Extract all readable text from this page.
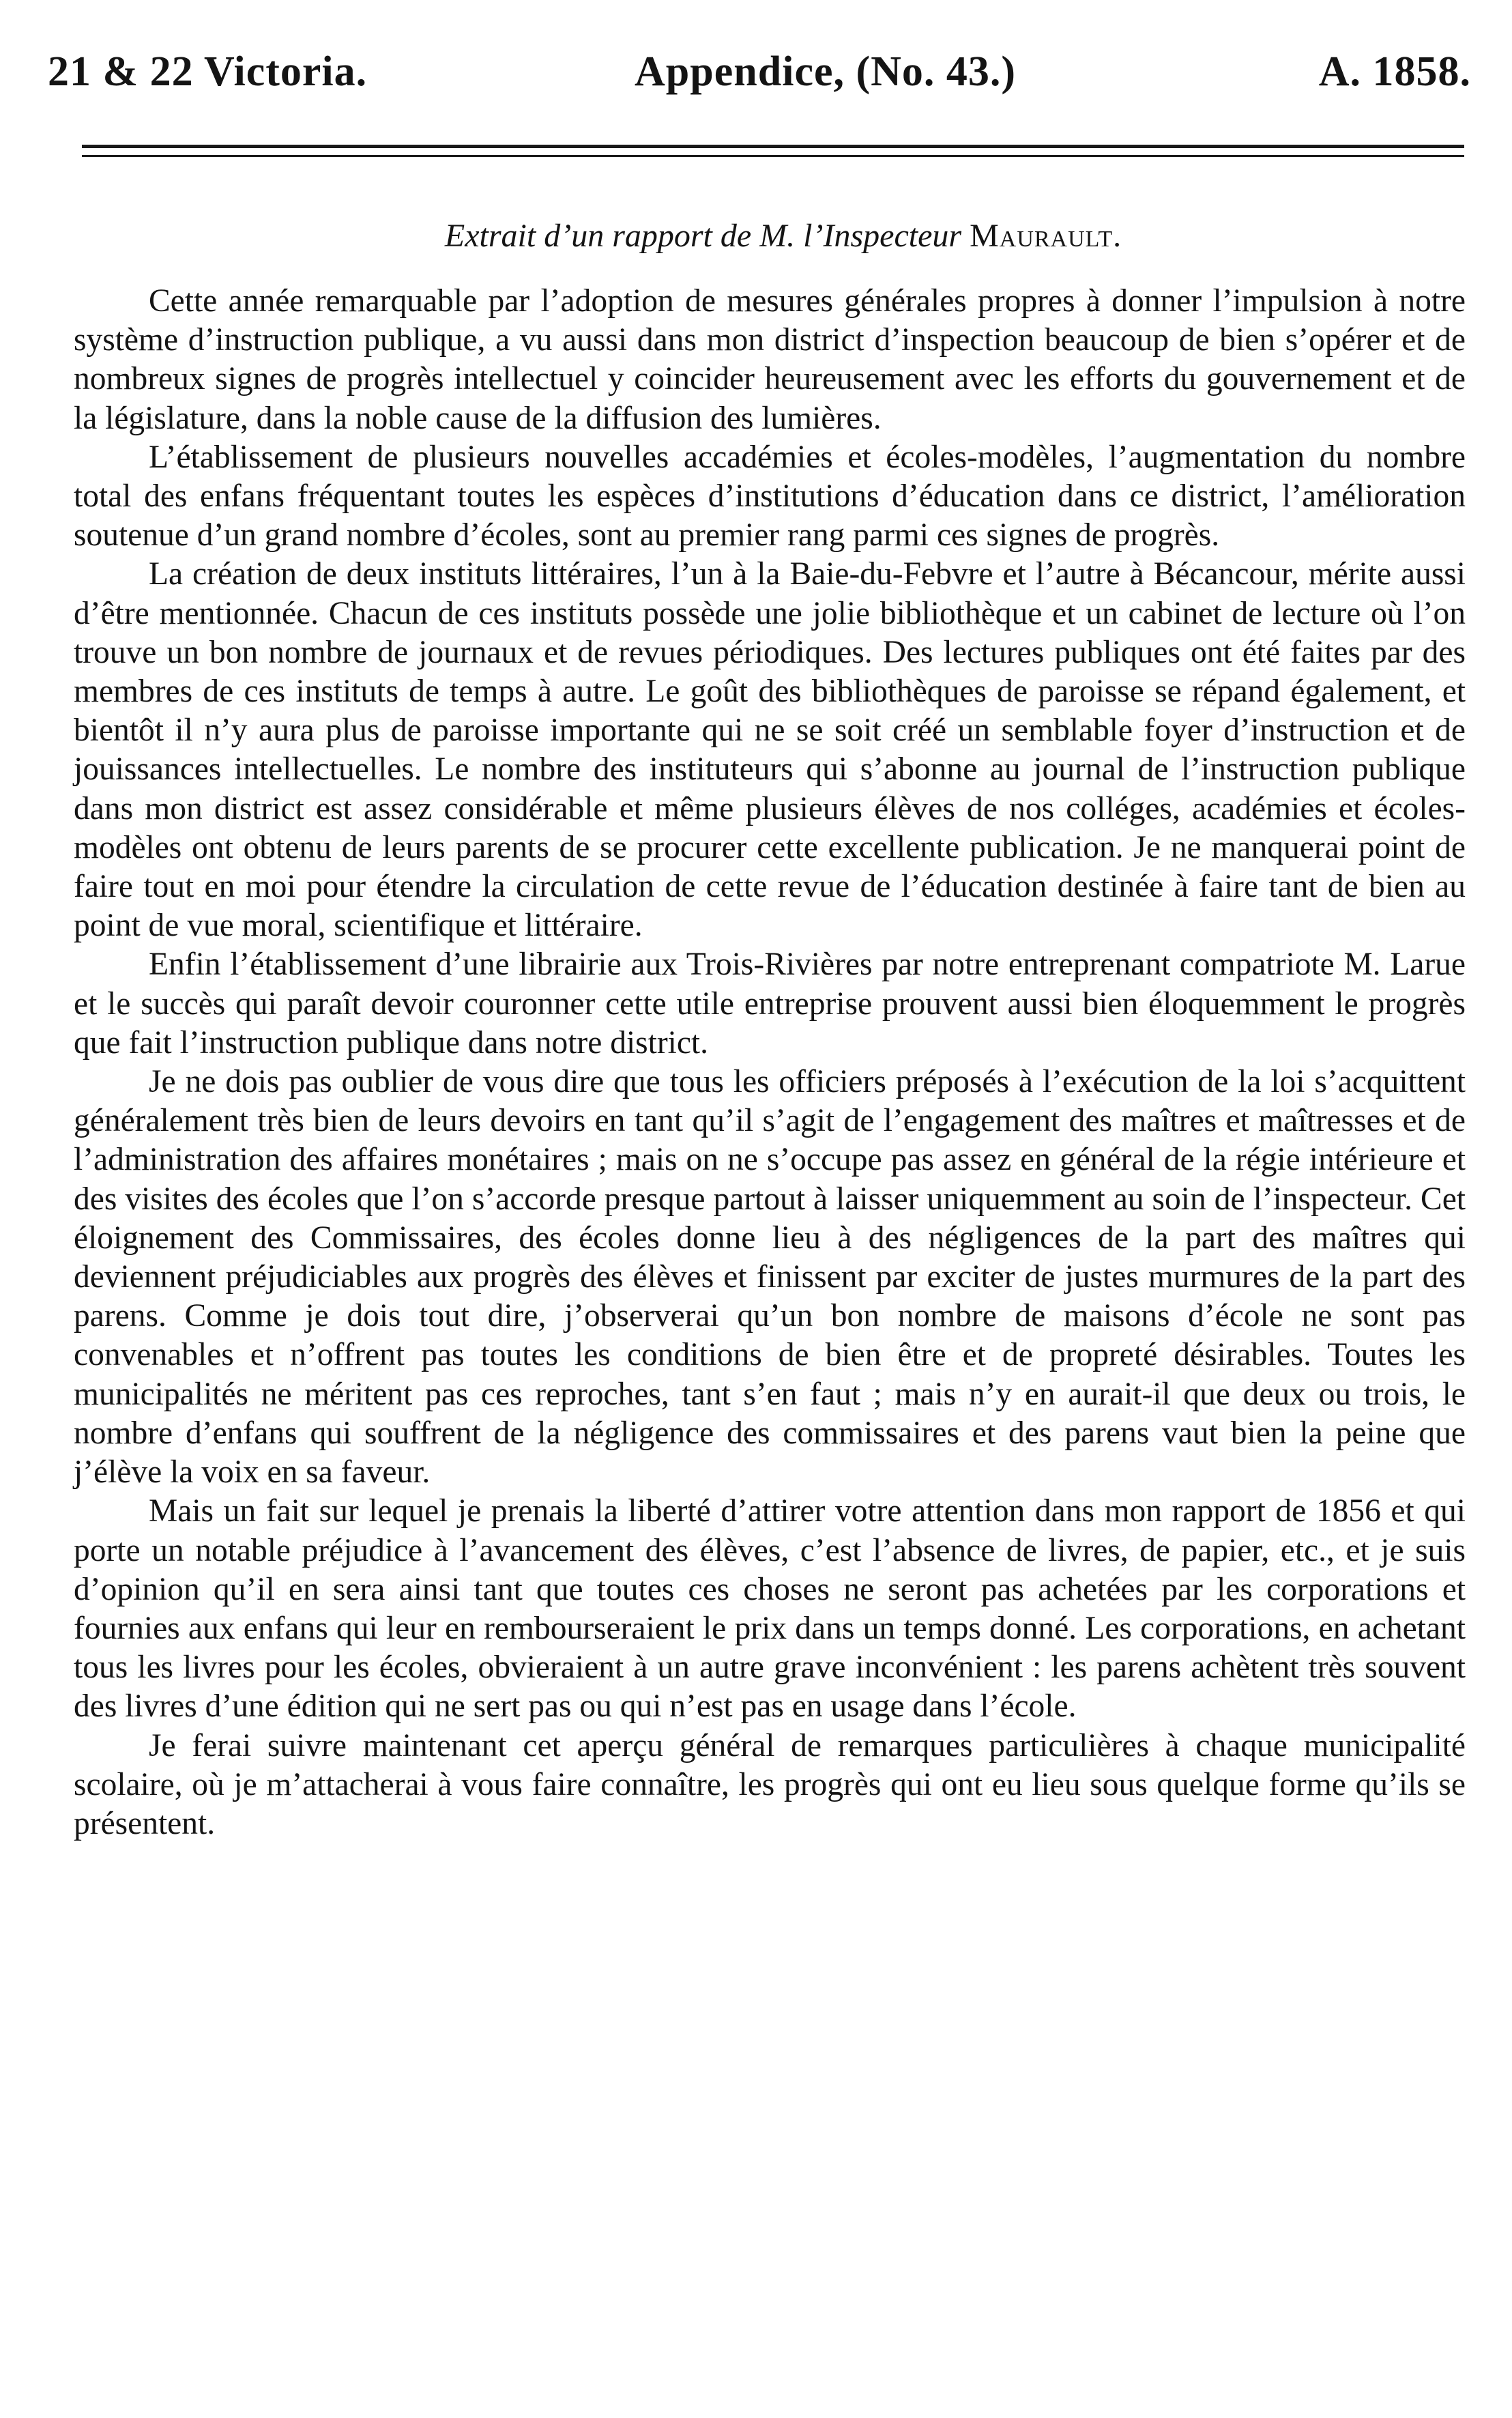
21 & 22 Victoria.	Appendice, (No. 43.)	A. 1858.

Extrait d’un rapport de M. l’Inspecteur Maurault.

Cette année remarquable par l’adoption de mesures générales propres à donner l’impulsion à notre système d’instruction publique, a vu aussi dans mon district d’inspection beaucoup de bien s’opérer et de nombreux signes de progrès intellectuel y coincider heureusement avec les efforts du gouvernement et de la législature, dans la noble cause de la diffusion des lumières.

L’établissement de plusieurs nouvelles accadémies et écoles-modèles, l’augmentation du nombre total des enfans fréquentant toutes les espèces d’institutions d’éducation dans ce district, l’amélioration soutenue d’un grand nombre d’écoles, sont au premier rang parmi ces signes de progrès.

La création de deux instituts littéraires, l’un à la Baie-du-Febvre et l’autre à Bécancour, mérite aussi d’être mentionnée. Chacun de ces instituts possède une jolie bibliothèque et un cabinet de lecture où l’on trouve un bon nombre de journaux et de revues périodiques. Des lectures publiques ont été faites par des membres de ces instituts de temps à autre. Le goût des bibliothèques de paroisse se répand également, et bientôt il n’y aura plus de paroisse importante qui ne se soit créé un semblable foyer d’instruction et de jouissances intellectuelles. Le nombre des instituteurs qui s’abonne au journal de l’instruction publique dans mon district est assez considérable et même plusieurs élèves de nos colléges, académies et écoles-modèles ont obtenu de leurs parents de se procurer cette excellente publication. Je ne manquerai point de faire tout en moi pour étendre la circulation de cette revue de l’éducation destinée à faire tant de bien au point de vue moral, scientifique et littéraire.

Enfin l’établissement d’une librairie aux Trois-Rivières par notre entreprenant compatriote M. Larue et le succès qui paraît devoir couronner cette utile entreprise prouvent aussi bien éloquemment le progrès que fait l’instruction publique dans notre district.

Je ne dois pas oublier de vous dire que tous les officiers préposés à l’exécution de la loi s’acquittent généralement très bien de leurs devoirs en tant qu’il s’agit de l’engagement des maîtres et maîtresses et de l’administration des affaires monétaires ; mais on ne s’occupe pas assez en général de la régie intérieure et des visites des écoles que l’on s’accorde presque partout à laisser uniquemment au soin de l’inspecteur. Cet éloignement des Commissaires, des écoles donne lieu à des négligences de la part des maîtres qui deviennent préjudiciables aux progrès des élèves et finissent par exciter de justes murmures de la part des parens. Comme je dois tout dire, j’observerai qu’un bon nombre de maisons d’école ne sont pas convenables et n’offrent pas toutes les conditions de bien être et de propreté désirables. Toutes les municipalités ne méritent pas ces reproches, tant s’en faut ; mais n’y en aurait-il que deux ou trois, le nombre d’enfans qui souffrent de la négligence des commissaires et des parens vaut bien la peine que j’élève la voix en sa faveur.

Mais un fait sur lequel je prenais la liberté d’attirer votre attention dans mon rapport de 1856 et qui porte un notable préjudice à l’avancement des élèves, c’est l’absence de livres, de papier, etc., et je suis d’opinion qu’il en sera ainsi tant que toutes ces choses ne seront pas achetées par les corporations et fournies aux enfans qui leur en rembourseraient le prix dans un temps donné. Les corporations, en achetant tous les livres pour les écoles, obvieraient à un autre grave inconvénient : les parens achètent très souvent des livres d’une édition qui ne sert pas ou qui n’est pas en usage dans l’école.

Je ferai suivre maintenant cet aperçu général de remarques particulières à chaque municipalité scolaire, où je m’attacherai à vous faire connaître, les progrès qui ont eu lieu sous quelque forme qu’ils se présentent.
